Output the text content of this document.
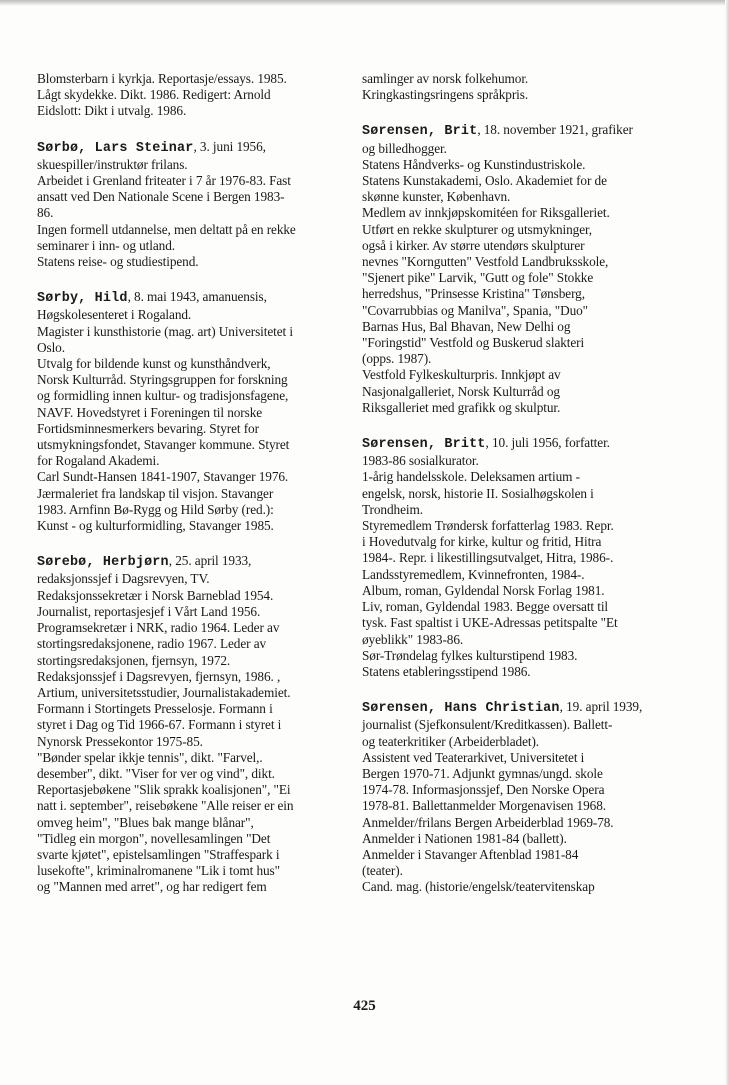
Blomsterbarn i kyrkja. Reportasje/essays. 1985.
Lågt skydekke. Dikt. 1986. Redigert: Arnold
Eidslott: Dikt i utvalg. 1986.
Sørbø, Lars Steinar, 3. juni 1956,
skuespiller/instruktør frilans.
Arbeidet i Grenland friteater i 7 år 1976-83. Fast
ansatt ved Den Nationale Scene i Bergen 1983-
86.
Ingen formell utdannelse, men deltatt på en rekke
seminarer i inn- og utland.
Statens reise- og studiestipend.
Sørby, Hild, 8. mai 1943, amanuensis,
Høgskolesenteret i Rogaland.
Magister i kunsthistorie (mag. art) Universitetet i
Oslo.
Utvalg for bildende kunst og kunsthåndverk,
Norsk Kulturråd. Styringsgruppen for forskning
og formidling innen kultur- og tradisjonsfagene,
NAVF. Hovedstyret i Foreningen til norske
Fortidsminnesmerkers bevaring. Styret for
utsmykningsfondet, Stavanger kommune. Styret
for Rogaland Akademi.
Carl Sundt-Hansen 1841-1907, Stavanger 1976.
Jærmaleriet fra landskap til visjon. Stavanger
1983. Arnfinn Bø-Rygg og Hild Sørby (red.):
Kunst - og kulturformidling, Stavanger 1985.
Sørebø, Herbjørn, 25. april 1933,
redaksjonssjef i Dagsrevyen, TV.
Redaksjonssekretær i Norsk Barneblad 1954.
Journalist, reportasjesjef i Vårt Land 1956.
Programsekretær i NRK, radio 1964. Leder av
stortingsredaksjonene, radio 1967. Leder av
stortingsredaksjonen, fjernsyn, 1972.
Redaksjonssjef i Dagsrevyen, fjernsyn, 1986. ,
Artium, universitetsstudier, Journalistakademiet.
Formann i Stortingets Presselosje. Formann i
styret i Dag og Tid 1966-67. Formann i styret i
Nynorsk Pressekontor 1975-85.
"Bønder spelar ikkje tennis", dikt. "Farvel,.
desember", dikt. "Viser for ver og vind", dikt.
Reportasjebøkene "Slik sprakk koalisjonen", "Ei
natt i. september", reisebøkene "Alle reiser er ein
omveg heim", "Blues bak mange blånar",
"Tidleg ein morgon", novellesamlingen "Det
svarte kjøtet", epistelsamlingen "Straffespark i
lusekofte", kriminalromanene "Lik i tomt hus"
og "Mannen med arret", og har redigert fem
samlinger av norsk folkehumor.
Kringkastingsringens språkpris.
Sørensen, Brit, 18. november 1921, grafiker
og billedhogger.
Statens Håndverks- og Kunstindustriskole.
Statens Kunstakademi, Oslo. Akademiet for de
skønne kunster, København.
Medlem av innkjøpskomitéen for Riksgalleriet.
Utført en rekke skulpturer og utsmykninger,
også i kirker. Av større utendørs skulpturer
nevnes "Korngutten" Vestfold Landbruksskole,
"Sjenert pike" Larvik, "Gutt og fole" Stokke
herredshus, "Prinsesse Kristina" Tønsberg,
"Covarrubbias og Manilva", Spania, "Duo"
Barnas Hus, Bal Bhavan, New Delhi og
"Foringstid" Vestfold og Buskerud slakteri
(opps. 1987).
Vestfold Fylkeskulturpris. Innkjøpt av
Nasjonalgalleriet, Norsk Kulturråd og
Riksgalleriet med grafikk og skulptur.
Sørensen, Britt, 10. juli 1956, forfatter.
1983-86 sosialkurator.
1-årig handelsskole. Deleksamen artium -
engelsk, norsk, historie II. Sosialhøgskolen i
Trondheim.
Styremedlem Trøndersk forfatterlag 1983. Repr.
i Hovedutvalg for kirke, kultur og fritid, Hitra
1984-. Repr. i likestillingsutvalget, Hitra, 1986-.
Landsstyremedlem, Kvinnefronten, 1984-.
Album, roman, Gyldendal Norsk Forlag 1981.
Liv, roman, Gyldendal 1983. Begge oversatt til
tysk. Fast spaltist i UKE-Adressas petitspalte "Et
øyeblikk" 1983-86.
Sør-Trøndelag fylkes kulturstipend 1983.
Statens etableringsstipend 1986.
Sørensen, Hans Christian, 19. april 1939,
journalist (Sjefkonsulent/Kreditkassen). Ballett-
og teaterkritiker (Arbeiderbladet).
Assistent ved Teaterarkivet, Universitetet i
Bergen 1970-71. Adjunkt gymnas/ungd. skole
1974-78. Informasjonssjef, Den Norske Opera
1978-81. Ballettanmelder Morgenavisen 1968.
Anmelder/frilans Bergen Arbeiderblad 1969-78.
Anmelder i Nationen 1981-84 (ballett).
Anmelder i Stavanger Aftenblad 1981-84
(teater).
Cand. mag. (historie/engelsk/teatervitenskap
425
